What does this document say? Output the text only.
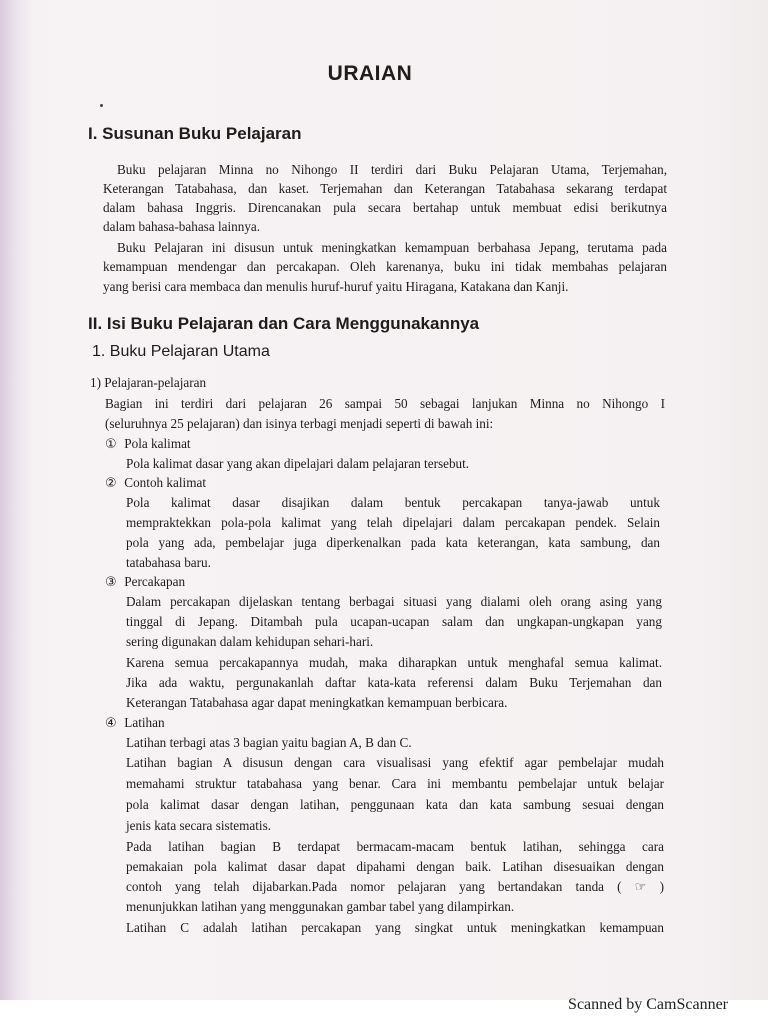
URAIAN
I. Susunan Buku Pelajaran
Buku pelajaran Minna no Nihongo II terdiri dari Buku Pelajaran Utama, Terjemahan,
Keterangan Tatabahasa, dan kaset. Terjemahan dan Keterangan Tatabahasa sekarang terdapat
dalam bahasa Inggris. Direncanakan pula secara bertahap untuk membuat edisi berikutnya
dalam bahasa-bahasa lainnya.
Buku Pelajaran ini disusun untuk meningkatkan kemampuan berbahasa Jepang, terutama pada
kemampuan mendengar dan percakapan. Oleh karenanya, buku ini tidak membahas pelajaran
yang berisi cara membaca dan menulis huruf-huruf yaitu Hiragana, Katakana dan Kanji.
II. Isi Buku Pelajaran dan Cara Menggunakannya
1. Buku Pelajaran Utama
1) Pelajaran-pelajaran
Bagian ini terdiri dari pelajaran 26 sampai 50 sebagai lanjukan Minna no Nihongo I
(seluruhnya 25 pelajaran) dan isinya terbagi menjadi seperti di bawah ini:
① Pola kalimat
Pola kalimat dasar yang akan dipelajari dalam pelajaran tersebut.
② Contoh kalimat
Pola kalimat dasar disajikan dalam bentuk percakapan tanya-jawab untuk
mempraktekkan pola-pola kalimat yang telah dipelajari dalam percakapan pendek. Selain
pola yang ada, pembelajar juga diperkenalkan pada kata keterangan, kata sambung, dan
tatabahasa baru.
③ Percakapan
Dalam percakapan dijelaskan tentang berbagai situasi yang dialami oleh orang asing yang
tinggal di Jepang. Ditambah pula ucapan-ucapan salam dan ungkapan-ungkapan yang
sering digunakan dalam kehidupan sehari-hari.
Karena semua percakapannya mudah, maka diharapkan untuk menghafal semua kalimat.
Jika ada waktu, pergunakanlah daftar kata-kata referensi dalam Buku Terjemahan dan
Keterangan Tatabahasa agar dapat meningkatkan kemampuan berbicara.
④ Latihan
Latihan terbagi atas 3 bagian yaitu bagian A, B dan C.
Latihan bagian A disusun dengan cara visualisasi yang efektif agar pembelajar mudah
memahami struktur tatabahasa yang benar. Cara ini membantu pembelajar untuk belajar
pola kalimat dasar dengan latihan, penggunaan kata dan kata sambung sesuai dengan
jenis kata secara sistematis.
Pada latihan bagian B terdapat bermacam-macam bentuk latihan, sehingga cara
pemakaian pola kalimat dasar dapat dipahami dengan baik. Latihan disesuaikan dengan
contoh yang telah dijabarkan.Pada nomor pelajaran yang bertandakan tanda ( ☞ )
menunjukkan latihan yang menggunakan gambar tabel yang dilampirkan.
Latihan C adalah latihan percakapan yang singkat untuk meningkatkan kemampuan
Scanned by CamScanner
